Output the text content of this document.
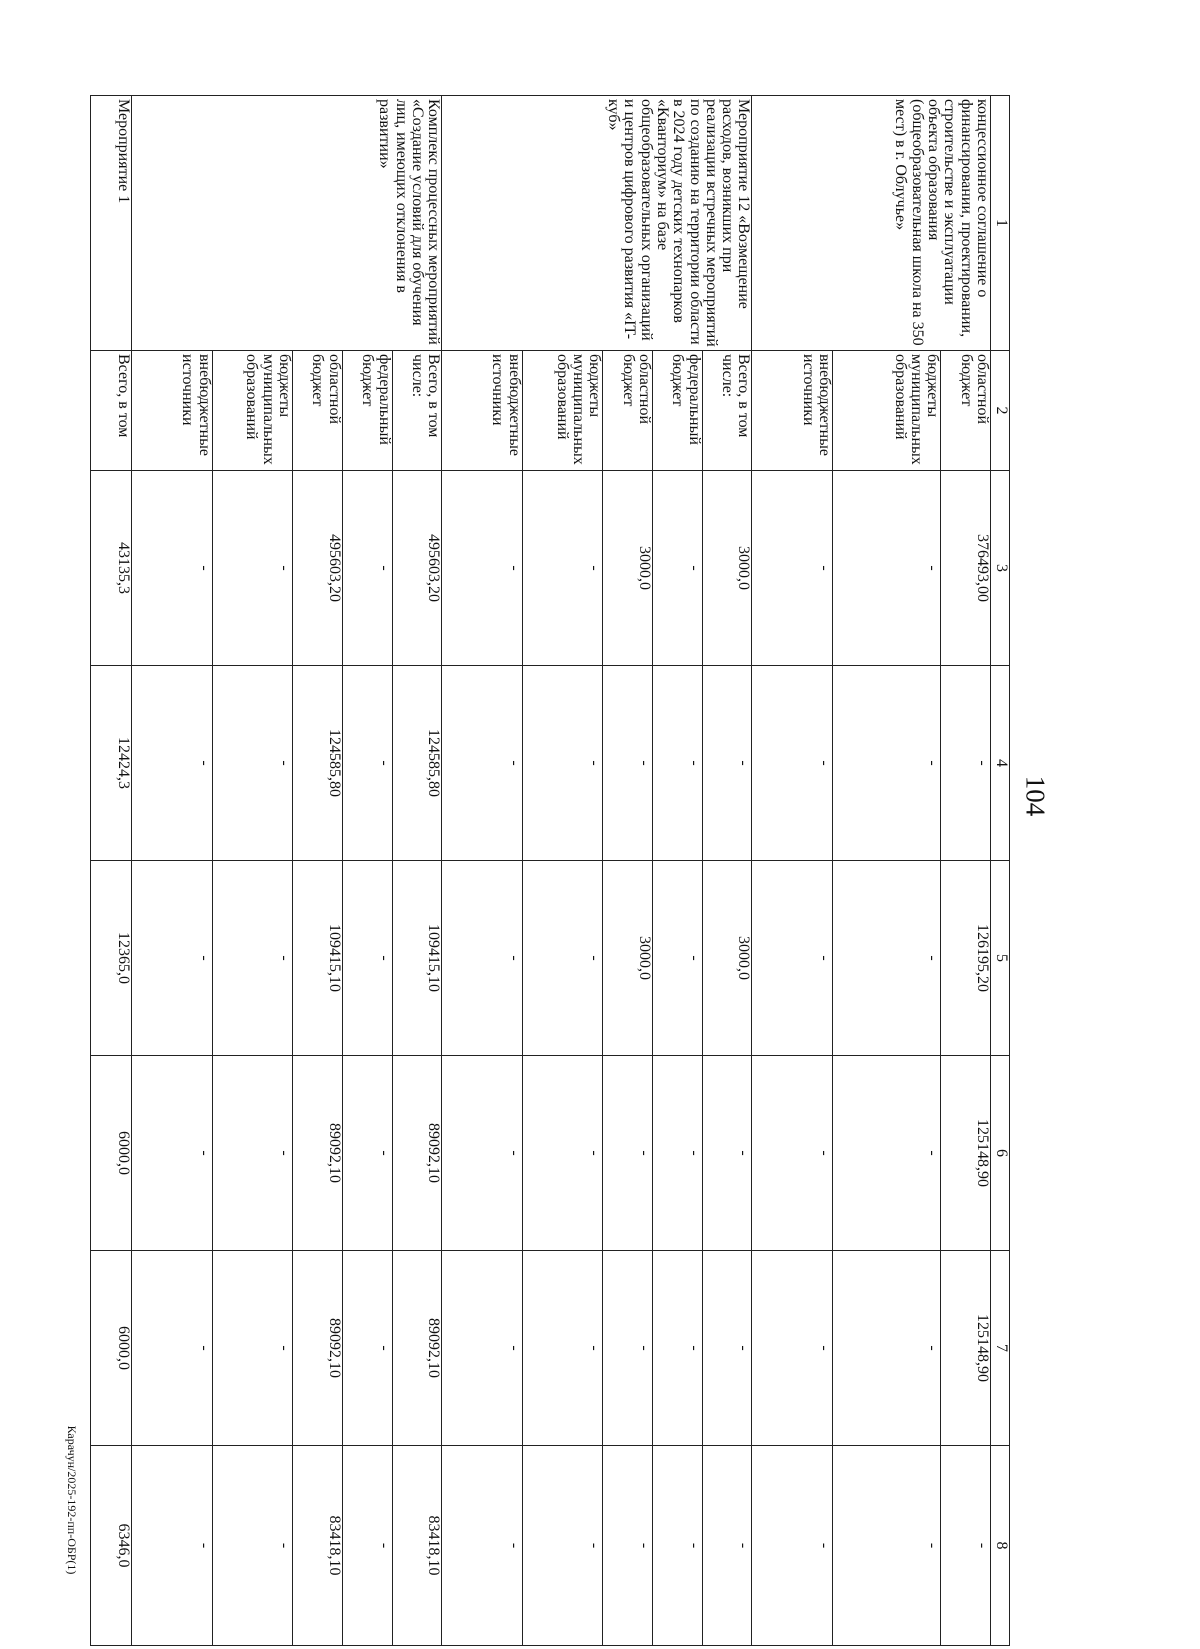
104
Карачун/2025-192-пп-ОБР(1)
1	2	3	4	5	6	7	8
концессионное соглашение о финансировании, проектировании, строительстве и эксплуатации объекта образования (общеобразовательная школа на 350 мест) в г. Облучье»	областной бюджет	376493,00	-	126195,20	125148,90	125148,90	-
	бюджеты муниципальных образований	-	-	-	-	-	-
	внебюджетные источники	-	-	-	-	-	-
Мероприятие 12 «Возмещение расходов, возникших при реализации встречных мероприятий по созданию на территории области в 2024 году детских технопарков «Кванториум» на базе общеобразовательных организаций и центров цифрового развития «IT-куб»	Всего, в том числе:	3000,0	-	3000,0	-	-	-
	федеральный бюджет	-	-	-	-	-	-
	областной бюджет	3000,0	-	3000,0	-	-	-
	бюджеты муниципальных образований	-	-	-	-	-	-
	внебюджетные источники	-	-	-	-	-	-
Комплекс процессных мероприятий «Создание условий для обучения лиц, имеющих отклонения в развитии»	Всего, в том числе:	495603,20	124585,80	109415,10	89092,10	89092,10	83418,10
	федеральный бюджет	-	-	-	-	-	-
	областной бюджет	495603,20	124585,80	109415,10	89092,10	89092,10	83418,10
	бюджеты муниципальных образований	-	-	-	-	-	-
	внебюджетные источники	-	-	-	-	-	-
Мероприятие 1	Всего, в том	43135,3	12424,3	12365,0	6000,0	6000,0	6346,0
